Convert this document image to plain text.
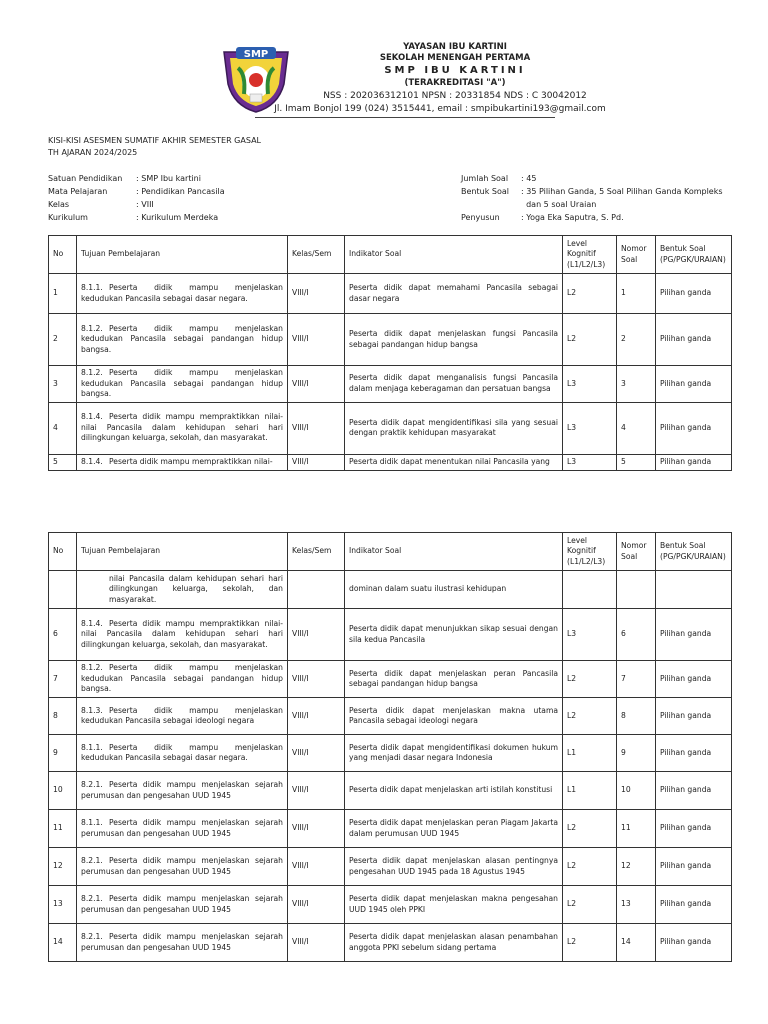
SMP
YAYASAN IBU KARTINI
SEKOLAH MENENGAH PERTAMA
SMP IBU KARTINI
(TERAKREDITASI "A")
NSS : 202036312101 NPSN : 20331854 NDS : C 30042012
Jl. Imam Bonjol 199 (024) 3515441, email : smpibukartini193@gmail.com
KISI-KISI ASESMEN SUMATIF AKHIR SEMESTER GASAL
TH AJARAN 2024/2025
Satuan Pendidikan	: SMP Ibu kartini
Mata Pelajaran	: Pendidikan Pancasila
Kelas	: VIII
Kurikulum	: Kurikulum Merdeka
Jumlah Soal	: 45
Bentuk Soal	: 35 Pilihan Ganda, 5 Soal Pilihan Ganda Kompleks
dan 5 soal Uraian
Penyusun	: Yoga Eka Saputra, S. Pd.
No	Tujuan Pembelajaran	Kelas/Sem	Indikator Soal	Level Kognitif (L1/L2/L3)	Nomor Soal	Bentuk Soal (PG/PGK/URAIAN)
1	8.1.1. Peserta didik mampu menjelaskan kedudukan Pancasila sebagai dasar negara.	VIII/I	Peserta didik dapat memahami Pancasila sebagai dasar negara	L2	1	Pilihan ganda
2	8.1.2. Peserta didik mampu menjelaskan kedudukan Pancasila sebagai pandangan hidup bangsa.	VIII/I	Peserta didik dapat menjelaskan fungsi Pancasila sebagai pandangan hidup bangsa	L2	2	Pilihan ganda
3	8.1.2. Peserta didik mampu menjelaskan kedudukan Pancasila sebagai pandangan hidup bangsa.	VIII/I	Peserta didik dapat menganalisis fungsi Pancasila dalam menjaga keberagaman dan persatuan bangsa	L3	3	Pilihan ganda
4	8.1.4. Peserta didik mampu mempraktikkan nilai-nilai Pancasila dalam kehidupan sehari hari dilingkungan keluarga, sekolah, dan masyarakat.	VIII/I	Peserta didik dapat mengidentifikasi sila yang sesuai dengan praktik kehidupan masyarakat	L3	4	Pilihan ganda
5	8.1.4. Peserta didik mampu mempraktikkan nilai-	VIII/I	Peserta didik dapat menentukan nilai Pancasila yang	L3	5	Pilihan ganda
No	Tujuan Pembelajaran	Kelas/Sem	Indikator Soal	Level Kognitif (L1/L2/L3)	Nomor Soal	Bentuk Soal (PG/PGK/URAIAN)

	nilai Pancasila dalam kehidupan sehari hari dilingkungan keluarga, sekolah, dan masyarakat.		dominan dalam suatu ilustrasi kehidupan			
6	8.1.4. Peserta didik mampu mempraktikkan nilai-nilai Pancasila dalam kehidupan sehari hari dilingkungan keluarga, sekolah, dan masyarakat.	VIII/I	Peserta didik dapat menunjukkan sikap sesuai dengan sila kedua Pancasila	L3	6	Pilihan ganda
7	8.1.2. Peserta didik mampu menjelaskan kedudukan Pancasila sebagai pandangan hidup bangsa.	VIII/I	Peserta didik dapat menjelaskan peran Pancasila sebagai pandangan hidup bangsa	L2	7	Pilihan ganda
8	8.1.3. Peserta didik mampu menjelaskan kedudukan Pancasila sebagai ideologi negara	VIII/I	Peserta didik dapat menjelaskan makna utama Pancasila sebagai ideologi negara	L2	8	Pilihan ganda
9	8.1.1. Peserta didik mampu menjelaskan kedudukan Pancasila sebagai dasar negara.	VIII/I	Peserta didik dapat mengidentifikasi dokumen hukum yang menjadi dasar negara Indonesia	L1	9	Pilihan ganda
10	8.2.1. Peserta didik mampu menjelaskan sejarah perumusan dan pengesahan UUD 1945	VIII/I	Peserta didik dapat menjelaskan arti istilah konstitusi	L1	10	Pilihan ganda
11	8.1.1. Peserta didik mampu menjelaskan sejarah perumusan dan pengesahan UUD 1945	VIII/I	Peserta didik dapat menjelaskan peran Piagam Jakarta dalam perumusan UUD 1945	L2	11	Pilihan ganda
12	8.2.1. Peserta didik mampu menjelaskan sejarah perumusan dan pengesahan UUD 1945	VIII/I	Peserta didik dapat menjelaskan alasan pentingnya pengesahan UUD 1945 pada 18 Agustus 1945	L2	12	Pilihan ganda
13	8.2.1. Peserta didik mampu menjelaskan sejarah perumusan dan pengesahan UUD 1945	VIII/I	Peserta didik dapat menjelaskan makna pengesahan UUD 1945 oleh PPKI	L2	13	Pilihan ganda
14	8.2.1. Peserta didik mampu menjelaskan sejarah perumusan dan pengesahan UUD 1945	VIII/I	Peserta didik dapat menjelaskan alasan penambahan anggota PPKI sebelum sidang pertama	L2	14	Pilihan ganda
